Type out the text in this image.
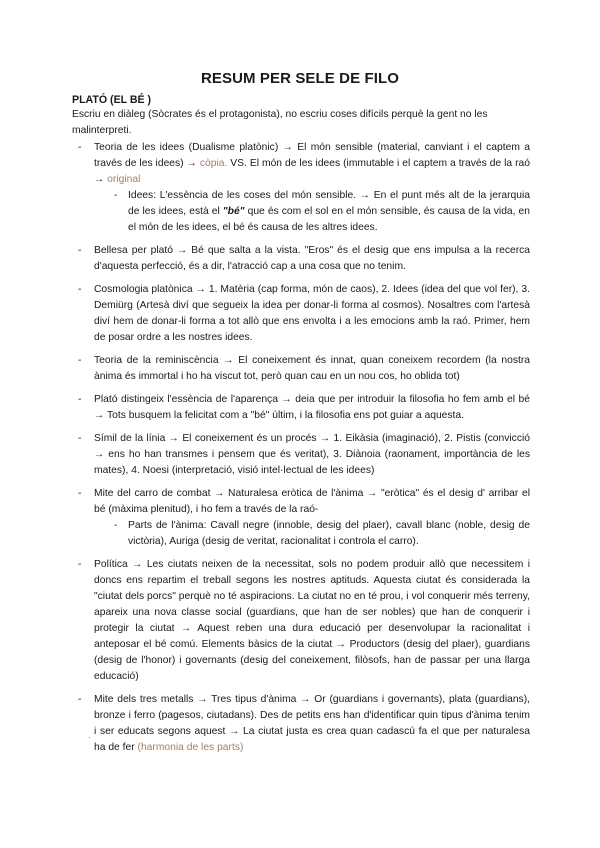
RESUM PER SELE DE FILO
PLATÓ (EL BÉ )
Escriu en diàleg (Sòcrates és el protagonista), no escriu coses difícils perquè la gent no les malinterpreti.
- Teoria de les idees (Dualisme platònic) → El món sensible (material, canviant i el captem a través de les idees) → còpia. VS. El món de les idees (immutable i el captem a través de la raó → original
- Idees: L'essència de les coses del món sensible. → En el punt més alt de la jerarquia de les idees, està el "bé" que és com el sol en el món sensible, és causa de la vida, en el món de les idees, el bé és causa de les altres idees.
- Bellesa per plató → Bé que salta a la vista. "Eros" és el desig que ens impulsa a la recerca d'aquesta perfecció, és a dir, l'atracció cap a una cosa que no tenim.
- Cosmologia platònica → 1. Matèria (cap forma, món de caos), 2. Idees (idea del que vol fer), 3. Demiürg (Artesà diví que segueix la idea per donar-li forma al cosmos). Nosaltres com l'artesà diví hem de donar-li forma a tot allò que ens envolta i a les emocions amb la raó. Primer, hem de posar ordre a les nostres idees.
- Teoria de la reminiscència → El coneixement és innat, quan coneixem recordem (la nostra ànima és immortal i ho ha viscut tot, però quan cau en un nou cos, ho oblida tot)
- Plató distingeix l'essència de l'aparença → deia que per introduir la filosofia ho fem amb el bé → Tots busquem la felicitat com a "bé" últim, i la filosofia ens pot guiar a aquesta.
- Símil de la línia → El coneixement és un procés → 1. Eikàsia (imaginació), 2. Pistis (convicció → ens ho han transmes i pensem que és veritat), 3. Diànoia (raonament, importància de les mates), 4. Noesi (interpretació, visió intel·lectual de les idees)
- Mite del carro de combat → Naturalesa eròtica de l'ànima → "eròtica" és el desig d' arribar el bé (màxima plenitud), i ho fem a través de la raó-
- Parts de l'ànima: Cavall negre (innoble, desig del plaer), cavall blanc (noble, desig de victòria), Auriga (desig de veritat, racionalitat i controla el carro).
- Política → Les ciutats neixen de la necessitat, sols no podem produir allò que necessitem i doncs ens repartim el treball segons les nostres aptituds. Aquesta ciutat és considerada la "ciutat dels porcs" perquè no té aspiracions. La ciutat no en té prou, i vol conquerir més terreny, apareix una nova classe social (guardians, que han de ser nobles) que han de conquerir i protegir la ciutat → Aquest reben una dura educació per desenvolupar la racionalitat i anteposar el bé comú. Elements bàsics de la ciutat → Productors (desig del plaer), guardians (desig de l'honor) i governants (desig del coneixement, filòsofs, han de passar per una llarga educació)
- Mite dels tres metalls → Tres tipus d'ànima → Or (guardians i governants), plata (guardians), bronze i ferro (pagesos, ciutadans). Des de petits ens han d'identificar quin tipus d'ànima tenim i ser educats segons aquest → La ciutat justa es crea quan cadascú fa el que per naturalesa ha de fer (harmonia de les parts)
·
